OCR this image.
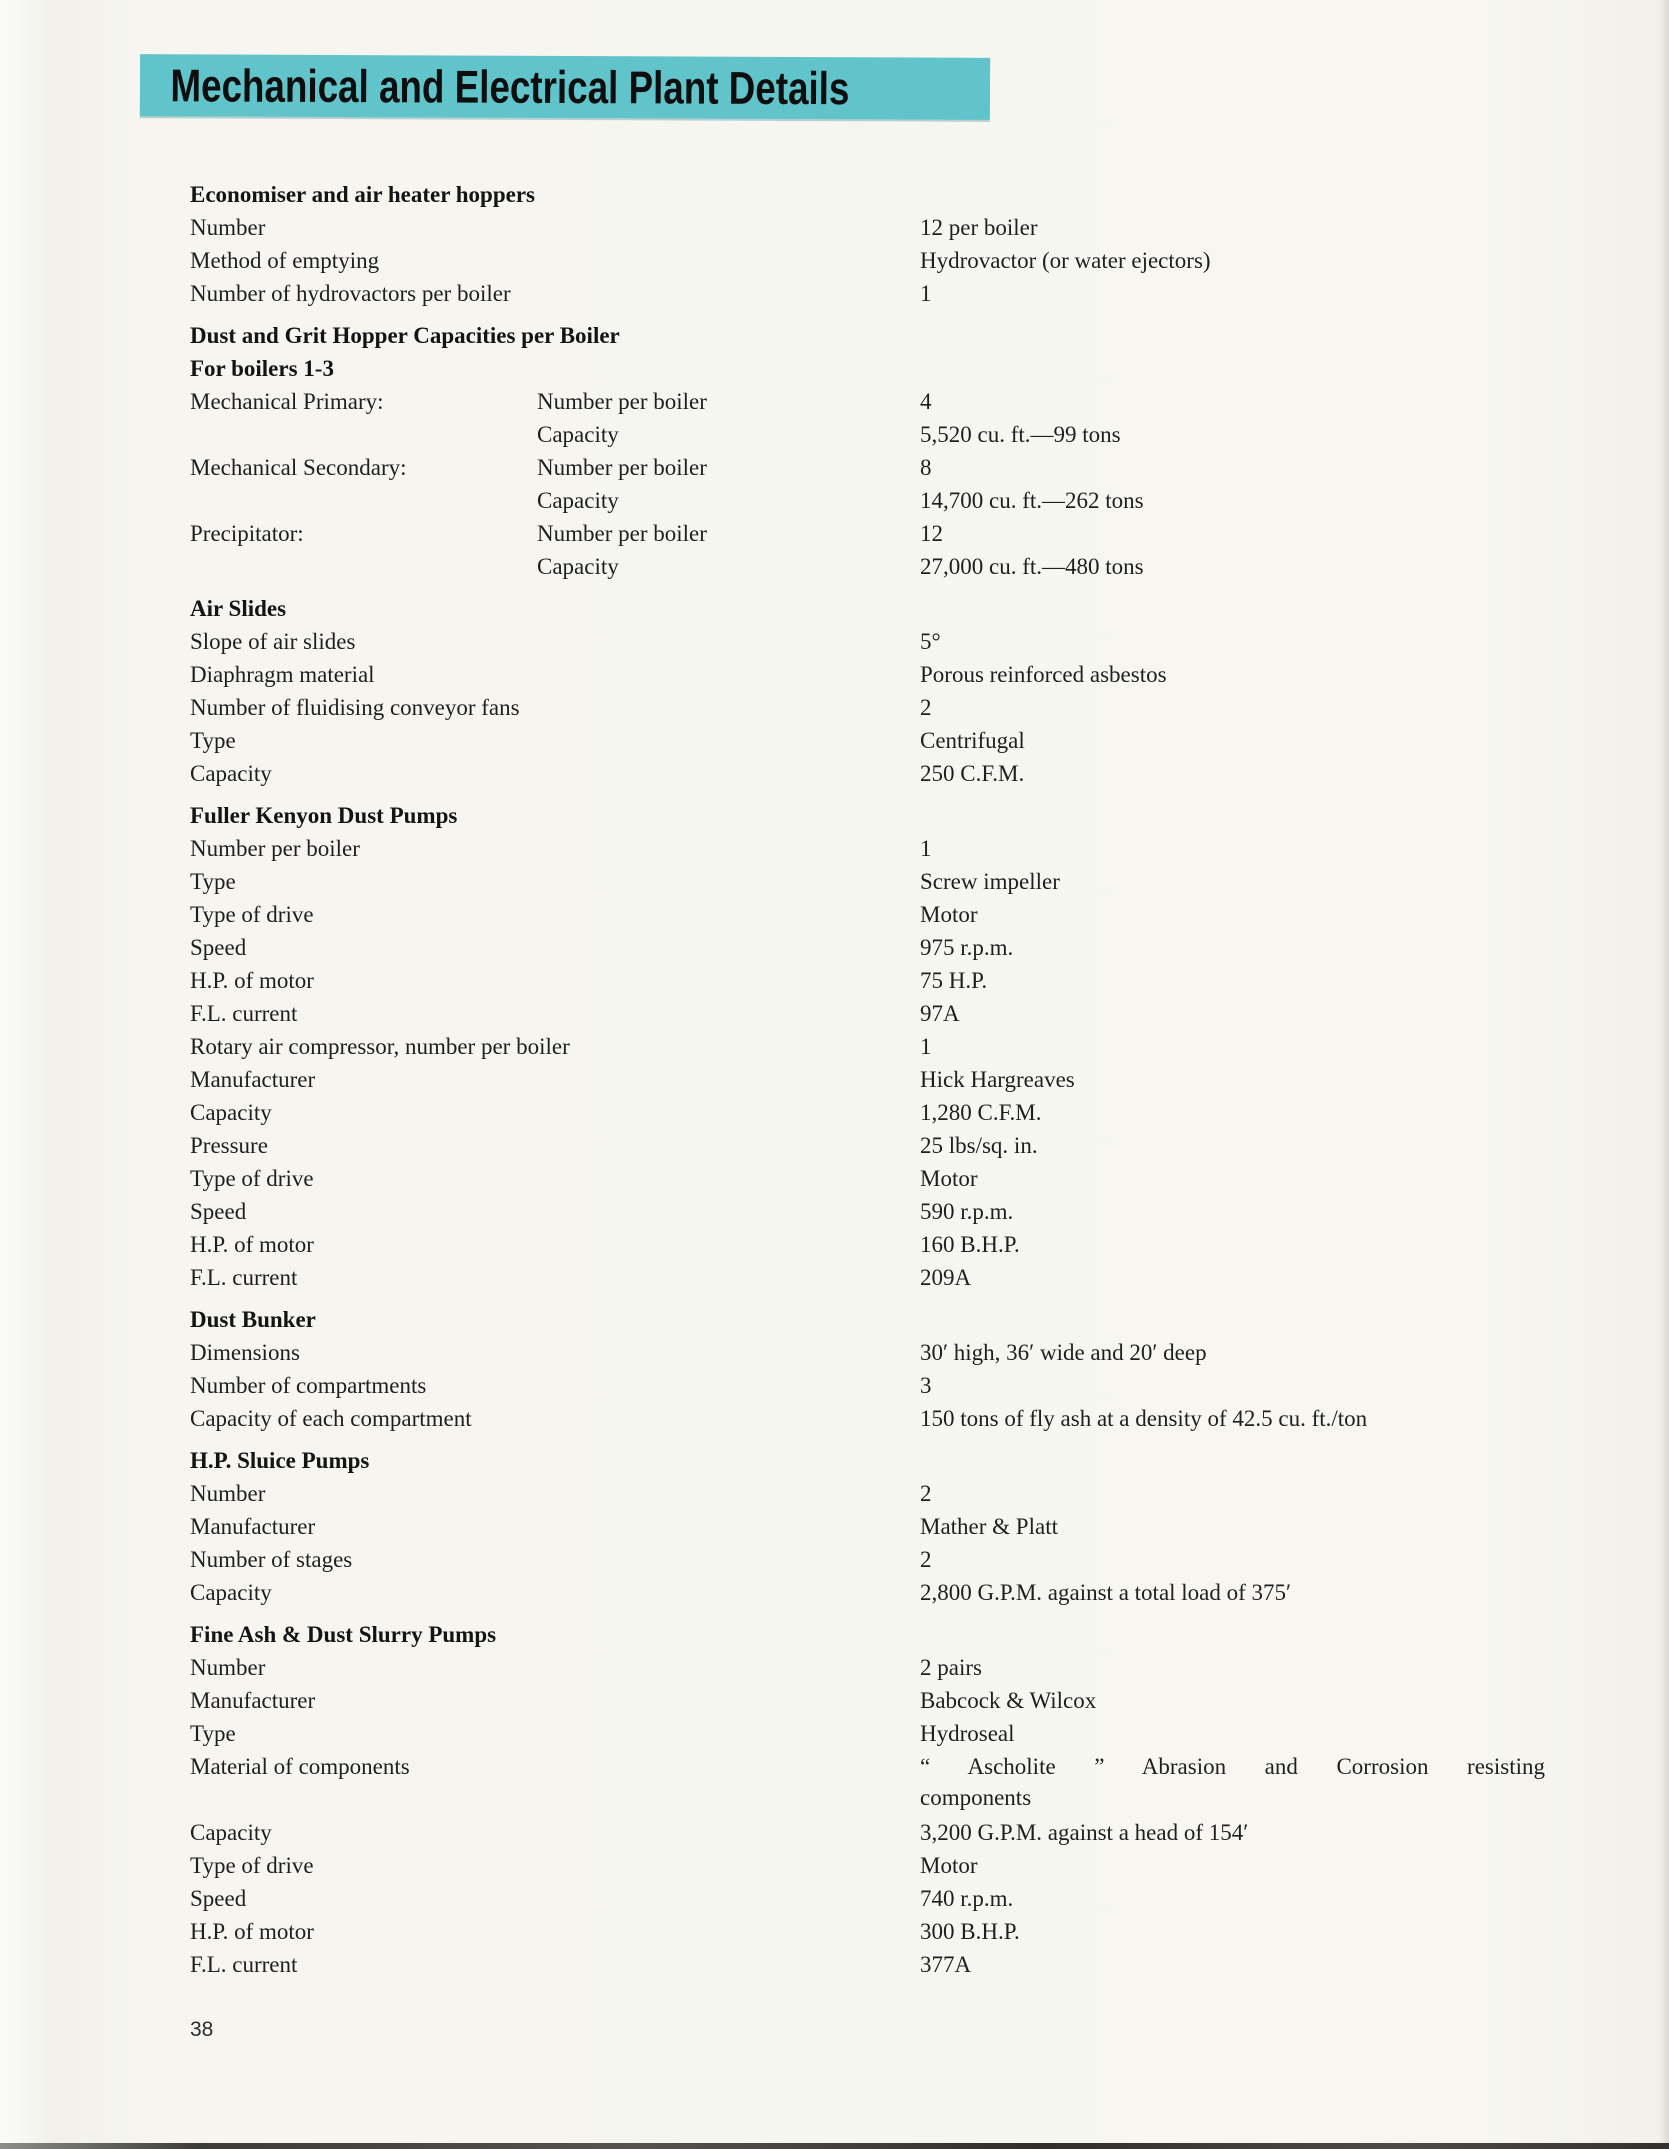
Mechanical and Electrical Plant Details
Economiser and air heater hoppers
Number	12 per boiler
Method of emptying	Hydrovactor (or water ejectors)
Number of hydrovactors per boiler	1
Dust and Grit Hopper Capacities per Boiler
For boilers 1-3
Mechanical Primary:	Number per boiler	4
Capacity	5,520 cu. ft.—99 tons
Mechanical Secondary:	Number per boiler	8
Capacity	14,700 cu. ft.—262 tons
Precipitator:	Number per boiler	12
Capacity	27,000 cu. ft.—480 tons
Air Slides
Slope of air slides	5°
Diaphragm material	Porous reinforced asbestos
Number of fluidising conveyor fans	2
Type	Centrifugal
Capacity	250 C.F.M.
Fuller Kenyon Dust Pumps
Number per boiler	1
Type	Screw impeller
Type of drive	Motor
Speed	975 r.p.m.
H.P. of motor	75 H.P.
F.L. current	97A
Rotary air compressor, number per boiler	1
Manufacturer	Hick Hargreaves
Capacity	1,280 C.F.M.
Pressure	25 lbs/sq. in.
Type of drive	Motor
Speed	590 r.p.m.
H.P. of motor	160 B.H.P.
F.L. current	209A
Dust Bunker
Dimensions	30′ high, 36′ wide and 20′ deep
Number of compartments	3
Capacity of each compartment	150 tons of fly ash at a density of 42.5 cu. ft./ton
H.P. Sluice Pumps
Number	2
Manufacturer	Mather & Platt
Number of stages	2
Capacity	2,800 G.P.M. against a total load of 375′
Fine Ash & Dust Slurry Pumps
Number	2 pairs
Manufacturer	Babcock & Wilcox
Type	Hydroseal
Material of components	“ Ascholite ” Abrasion and Corrosion resisting
components
Capacity	3,200 G.P.M. against a head of 154′
Type of drive	Motor
Speed	740 r.p.m.
H.P. of motor	300 B.H.P.
F.L. current	377A
38
